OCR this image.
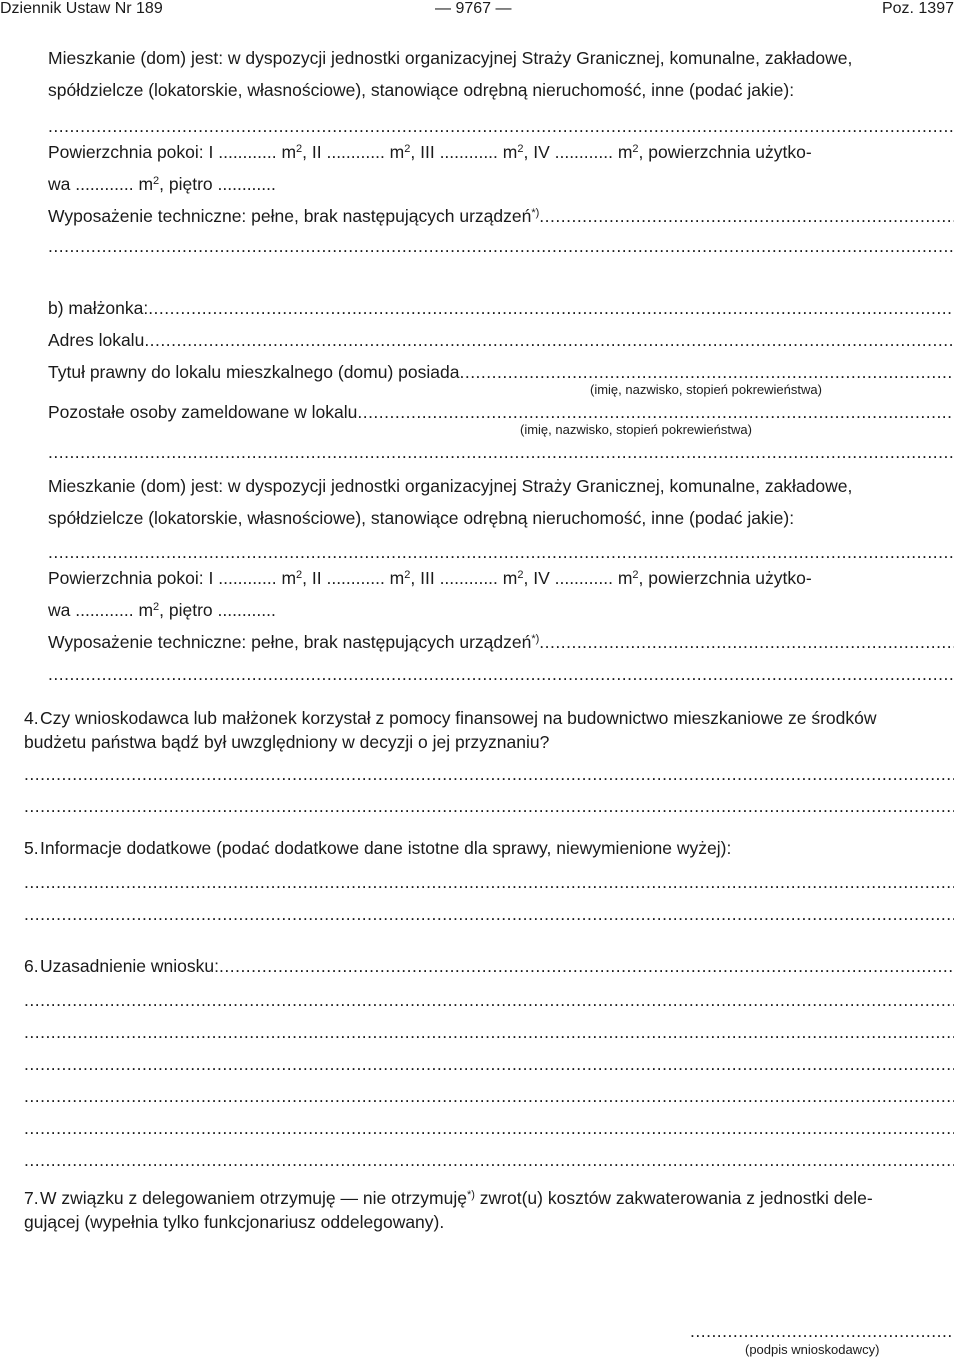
Dziennik Ustaw Nr 189	— 9767 —	Poz. 1397
Mieszkanie (dom) jest: w dyspozycji jednostki organizacyjnej Straży Granicznej, komunalne, zakładowe,
spółdzielcze (lokatorskie, własnościowe), stanowiące odrębną nieruchomość, inne (podać jakie):
.....
Powierzchnia pokoi: I ............ $m^2$, II ............ $m^2$, III ............ $m^2$, IV ............ $m^2$, powierzchnia użytko-
wa ............ $m^2$, piętro ............
Wyposażenie techniczne: pełne, brak następujących urządzeń*)
.....
.....
b) małżonka:
.....
Adres lokalu
.....
Tytuł prawny do lokalu mieszkalnego (domu) posiada
.....
(imię, nazwisko, stopień pokrewieństwa)
Pozostałe osoby zameldowane w lokalu
.....
(imię, nazwisko, stopień pokrewieństwa)
.....
Mieszkanie (dom) jest: w dyspozycji jednostki organizacyjnej Straży Granicznej, komunalne, zakładowe,
spółdzielcze (lokatorskie, własnościowe), stanowiące odrębną nieruchomość, inne (podać jakie):
.....
Powierzchnia pokoi: I ............ $m^2$, II ............ $m^2$, III ............ $m^2$, IV ............ $m^2$, powierzchnia użytko-
wa ............ $m^2$, piętro ............
Wyposażenie techniczne: pełne, brak następujących urządzeń*)
.....
.....
4.Czy wnioskodawca lub małżonek korzystał z pomocy finansowej na budownictwo mieszkaniowe ze środków
budżetu państwa bądź był uwzględniony w decyzji o jej przyznaniu?
.....
.....
5.Informacje dodatkowe (podać dodatkowe dane istotne dla sprawy, niewymienione wyżej):
.....
.....
6.Uzasadnienie wniosku:
.....
.....
.....
.....
.....
.....
.....
7.W związku z delegowaniem otrzymuję — nie otrzymuję*) zwrot(u) kosztów zakwaterowania z jednostki dele-
gującej (wypełnia tylko funkcjonariusz oddelegowany).
.....
(podpis wnioskodawcy)
